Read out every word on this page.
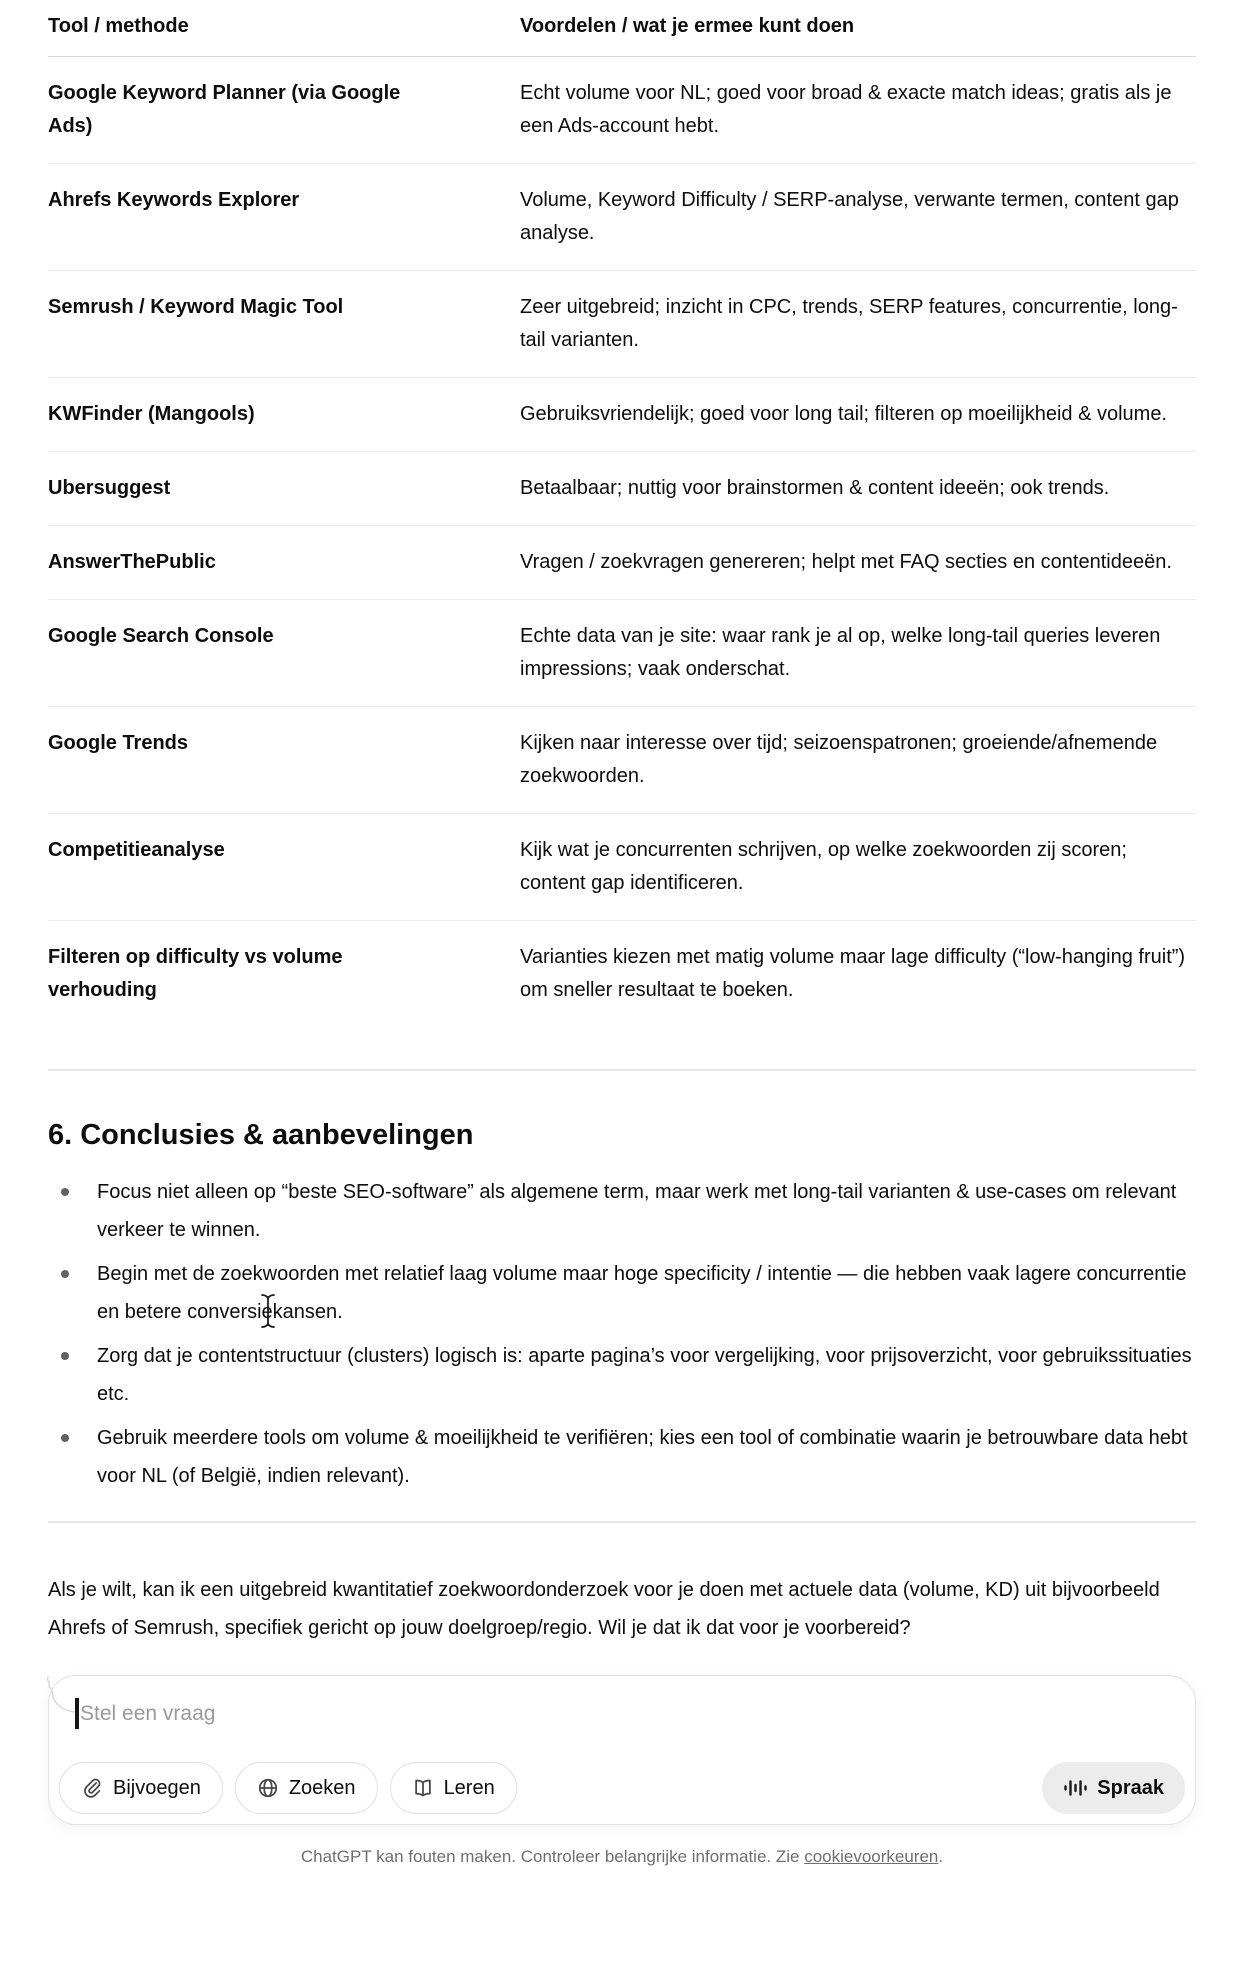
Tool / methode	Voordelen / wat je ermee kunt doen
Google Keyword Planner (via Google Ads)	Echt volume voor NL; goed voor broad & exacte match ideas; gratis als je een Ads-account hebt.
Ahrefs Keywords Explorer	Volume, Keyword Difficulty / SERP-analyse, verwante termen, content gap analyse.
Semrush / Keyword Magic Tool	Zeer uitgebreid; inzicht in CPC, trends, SERP features, concurrentie, long-tail varianten.
KWFinder (Mangools)	Gebruiksvriendelijk; goed voor long tail; filteren op moeilijkheid & volume.
Ubersuggest	Betaalbaar; nuttig voor brainstormen & content ideeën; ook trends.
AnswerThePublic	Vragen / zoekvragen genereren; helpt met FAQ secties en contentideeën.
Google Search Console	Echte data van je site: waar rank je al op, welke long-tail queries leveren impressions; vaak onderschat.
Google Trends	Kijken naar interesse over tijd; seizoenspatronen; groeiende/afnemende zoekwoorden.
Competitieanalyse	Kijk wat je concurrenten schrijven, op welke zoekwoorden zij scoren; content gap identificeren.
Filteren op difficulty vs volume verhouding	Varianties kiezen met matig volume maar lage difficulty (“low-hanging fruit”) om sneller resultaat te boeken.
6. Conclusies & aanbevelingen
Focus niet alleen op “beste SEO-software” als algemene term, maar werk met long-tail varianten & use-cases om relevant verkeer te winnen.
Begin met de zoekwoorden met relatief laag volume maar hoge specificity / intentie — die hebben vaak lagere concurrentie en betere conversiekansen.
Zorg dat je contentstructuur (clusters) logisch is: aparte pagina’s voor vergelijking, voor prijsoverzicht, voor gebruikssituaties etc.
Gebruik meerdere tools om volume & moeilijkheid te verifiëren; kies een tool of combinatie waarin je betrouwbare data hebt voor NL (of België, indien relevant).

Als je wilt, kan ik een uitgebreid kwantitatief zoekwoordonderzoek voor je doen met actuele data (volume, KD) uit bijvoorbeeld Ahrefs of Semrush, specifiek gericht op jouw doelgroep/regio. Wil je dat ik dat voor je voorbereid?

Stel een vraag
Bijvoegen	Zoeken	Leren	Spraak
ChatGPT kan fouten maken. Controleer belangrijke informatie. Zie cookievoorkeuren.
